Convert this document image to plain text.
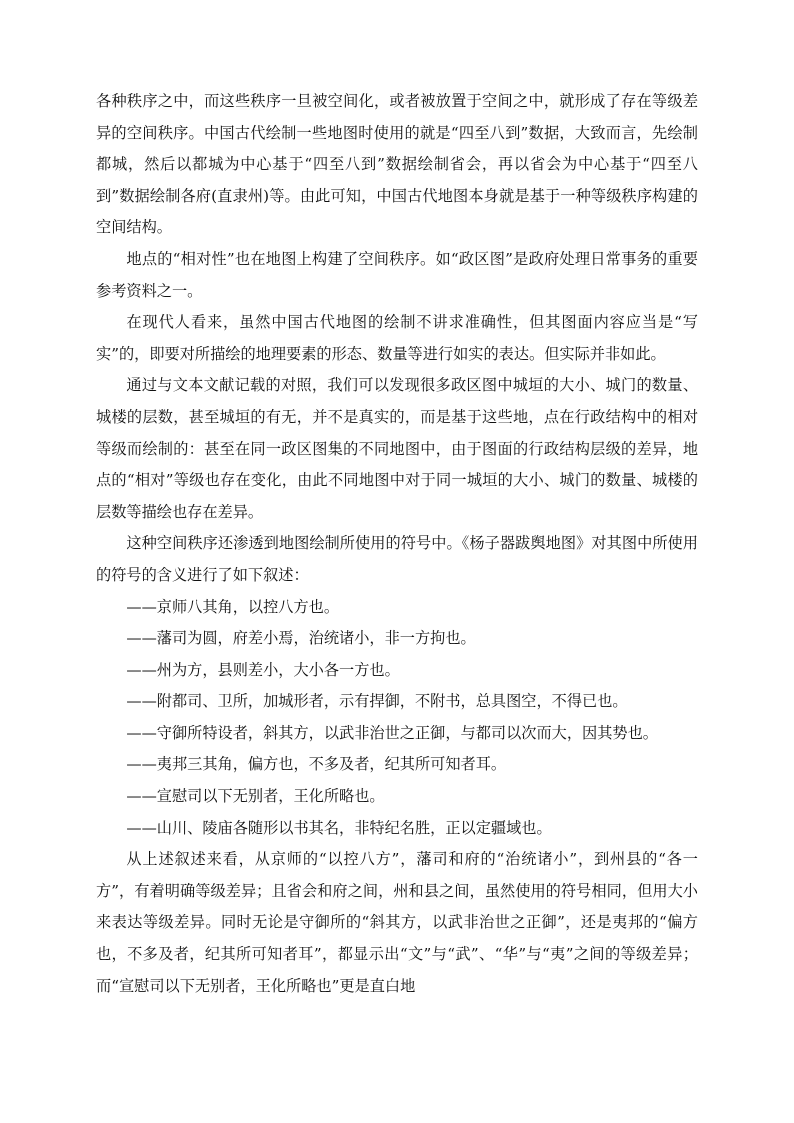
各种秩序之中，而这些秩序一旦被空间化，或者被放置于空间之中，就形成了存在等级差异的空间秩序。中国古代绘制一些地图时使用的就是“四至八到”数据，大致而言，先绘制都城，然后以都城为中心基于“四至八到”数据绘制省会，再以省会为中心基于“四至八到”数据绘制各府(直隶州)等。由此可知，中国古代地图本身就是基于一种等级秩序构建的空间结构。

地点的“相对性”也在地图上构建了空间秩序。如“政区图”是政府处理日常事务的重要参考资料之一。

在现代人看来，虽然中国古代地图的绘制不讲求准确性，但其图面内容应当是“写实”的，即要对所描绘的地理要素的形态、数量等进行如实的表达。但实际并非如此。

通过与文本文献记载的对照，我们可以发现很多政区图中城垣的大小、城门的数量、城楼的层数，甚至城垣的有无，并不是真实的，而是基于这些地，点在行政结构中的相对等级而绘制的：甚至在同一政区图集的不同地图中，由于图面的行政结构层级的差异，地点的“相对”等级也存在变化，由此不同地图中对于同一城垣的大小、城门的数量、城楼的层数等描绘也存在差异。

这种空间秩序还渗透到地图绘制所使用的符号中。《杨子器跋舆地图》对其图中所使用的符号的含义进行了如下叙述：

——京师八其角，以控八方也。

——藩司为圆，府差小焉，治统诸小，非一方拘也。

——州为方，县则差小，大小各一方也。

——附都司、卫所，加城形者，示有捍御，不附书，总具图空，不得已也。

——守御所特设者，斜其方，以武非治世之正御，与都司以次而大，因其势也。

——夷邦三其角，偏方也，不多及者，纪其所可知者耳。

——宣慰司以下无别者，王化所略也。

——山川、陵庙各随形以书其名，非特纪名胜，正以定疆域也。

从上述叙述来看，从京师的“以控八方”，藩司和府的“治统诸小”，到州县的“各一方”，有着明确等级差异；且省会和府之间，州和县之间，虽然使用的符号相同，但用大小来表达等级差异。同时无论是守御所的“斜其方，以武非治世之正御”，还是夷邦的“偏方也，不多及者，纪其所可知者耳”，都显示出“文”与“武”、“华”与“夷”之间的等级差异；而“宣慰司以下无别者，王化所略也”更是直白地
